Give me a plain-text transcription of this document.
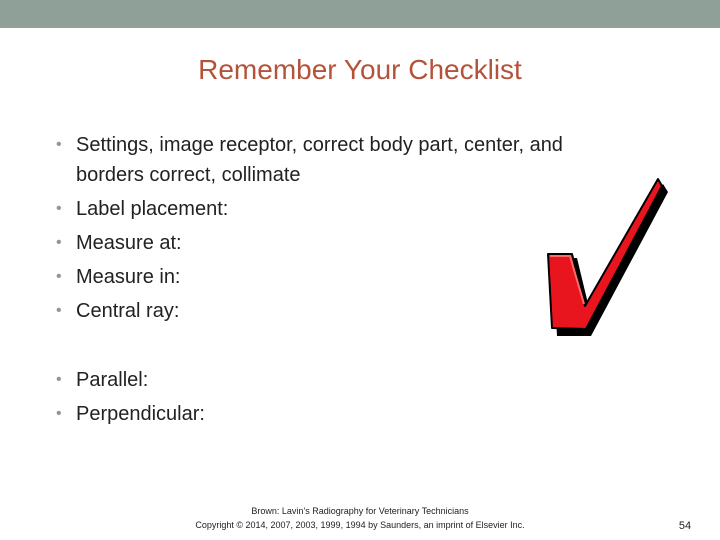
Remember Your Checklist
• Settings, image receptor, correct body part, center, and borders correct, collimate
• Label placement:
• Measure at:
• Measure in:
• Central ray:
• Parallel:
• Perpendicular:
Brown: Lavin’s Radiography for Veterinary Technicians
Copyright © 2014, 2007, 2003, 1999, 1994 by Saunders, an imprint of Elsevier Inc.	54
